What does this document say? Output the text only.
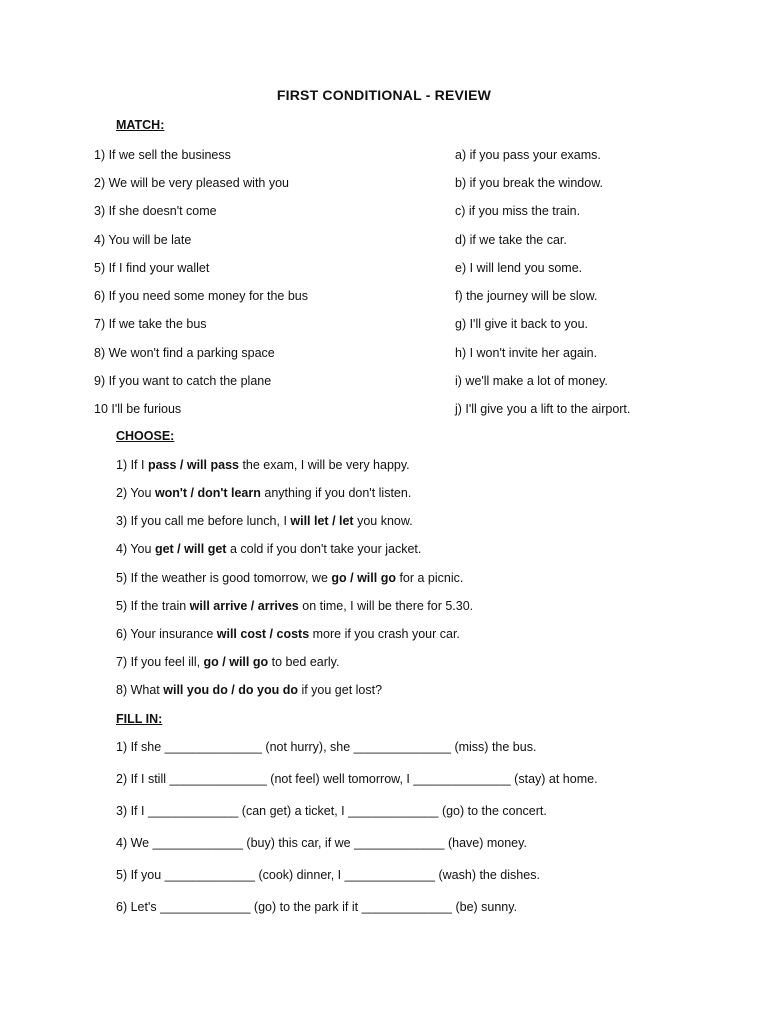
FIRST CONDITIONAL - REVIEW
MATCH:
1) If we sell the business
2) We will be very pleased with you
3) If she doesn't come
4) You will be late
5) If I find your wallet
6) If you need some money for the bus
7) If we take the bus
8) We won't find a parking space
9) If you want to catch the plane
10 I'll be furious
a) if you pass your exams.
b) if you break the window.
c) if you miss the train.
d) if we take the car.
e) I will lend you some.
f) the journey will be slow.
g) I'll give it back to you.
h) I won't invite her again.
i) we'll make a lot of money.
j) I'll give you a lift to the airport.
CHOOSE:
1) If I pass / will pass the exam, I will be very happy.
2) You won't / don't learn anything if you don't listen.
3) If you call me before lunch, I will let / let you know.
4) You get / will get a cold if you don't take your jacket.
5) If the weather is good tomorrow, we go / will go for a picnic.
5) If the train will arrive / arrives on time, I will be there for 5.30.
6) Your insurance will cost / costs more if you crash your car.
7) If you feel ill, go / will go to bed early.
8) What will you do / do you do if you get lost?
FILL IN:
1) If she ______________ (not hurry), she ______________ (miss) the bus.
2) If I still ______________ (not feel) well tomorrow, I ______________ (stay) at home.
3) If I _____________ (can get) a ticket, I _____________ (go) to the concert.
4) We _____________ (buy) this car, if we _____________ (have) money.
5) If you _____________ (cook) dinner, I _____________ (wash) the dishes.
6) Let's _____________ (go) to the park if it _____________ (be) sunny.
